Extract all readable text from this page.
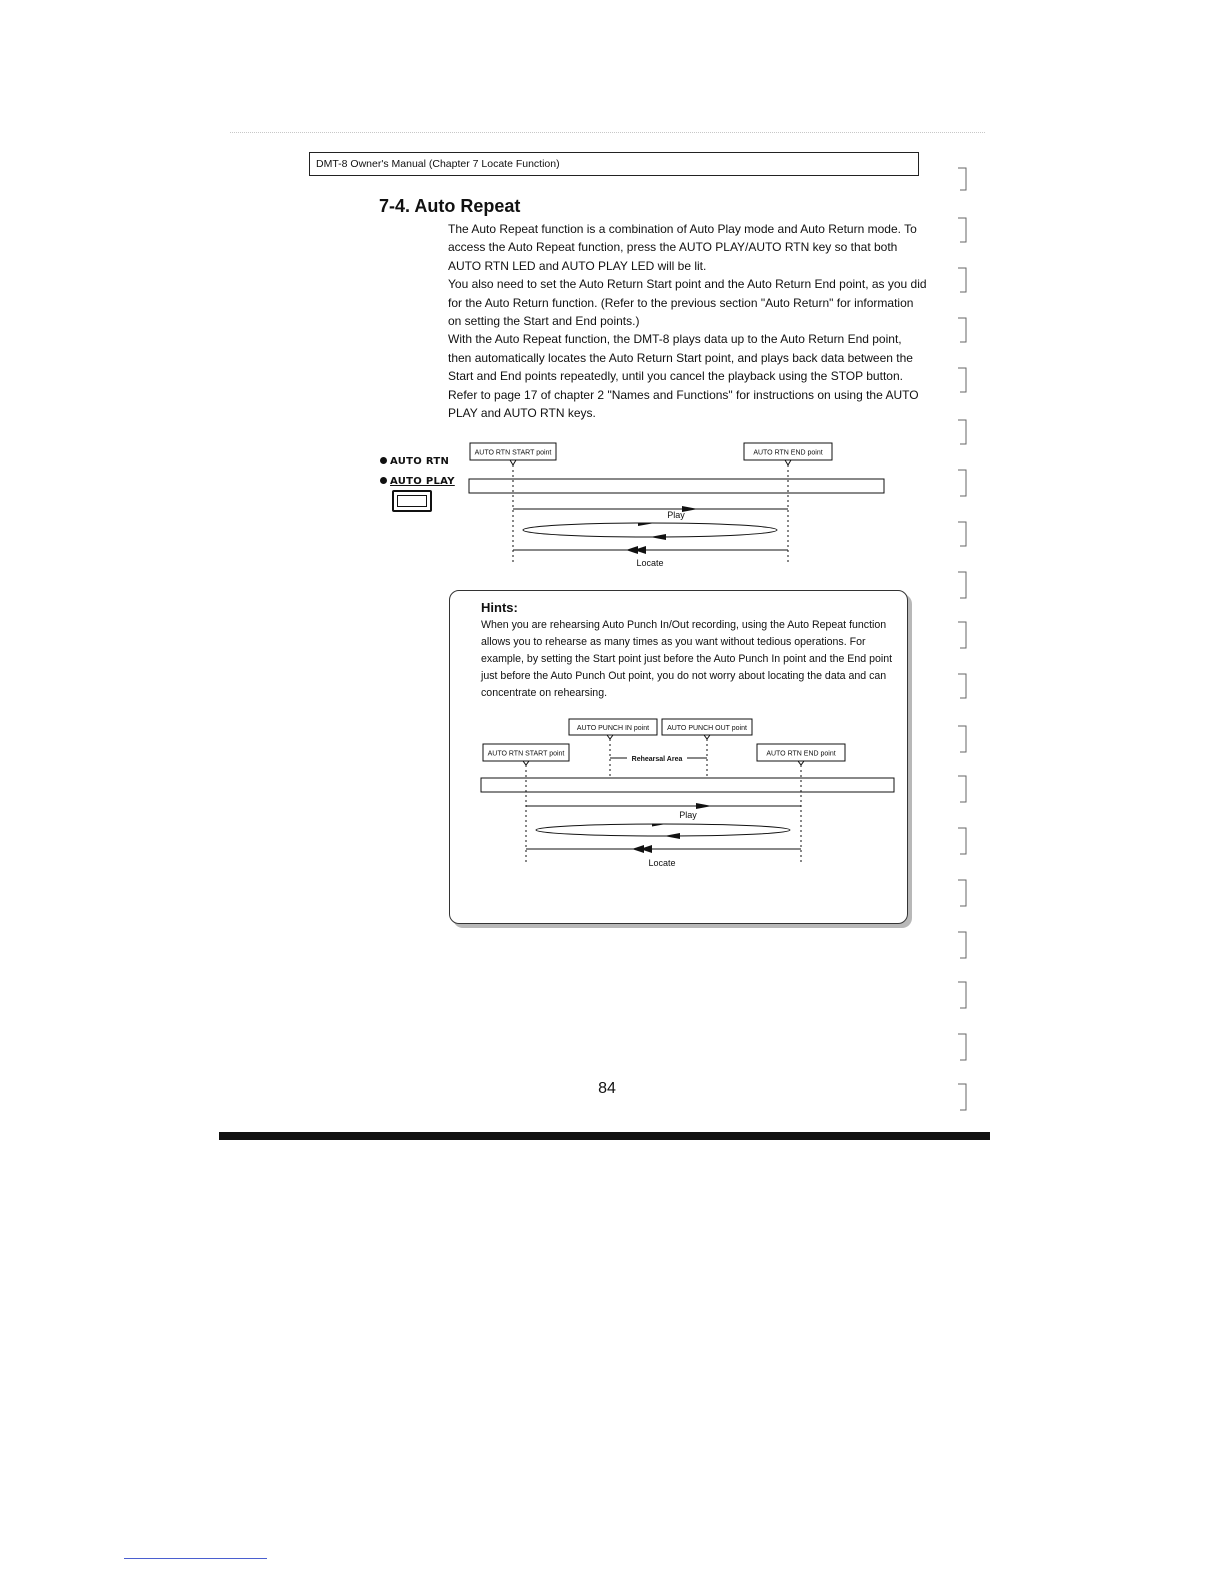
DMT-8 Owner's Manual (Chapter 7 Locate Function)
7-4. Auto Repeat

The Auto Repeat function is a combination of Auto Play mode and Auto Return mode. To access the Auto Repeat function, press the AUTO PLAY/AUTO RTN key so that both AUTO RTN LED and AUTO PLAY LED will be lit.

You also need to set the Auto Return Start point and the Auto Return End point, as you did for the Auto Return function. (Refer to the previous section "Auto Return" for information on setting the Start and End points.)

With the Auto Repeat function, the DMT-8 plays data up to the Auto Return End point, then automatically locates the Auto Return Start point, and plays back data between the Start and End points repeatedly, until you cancel the playback using the STOP button. Refer to page 17 of chapter 2 "Names and Functions" for instructions on using the AUTO PLAY and AUTO RTN keys.

AUTO RTN
AUTO PLAY
AUTO RTN START point	AUTO RTN END point
Play
Locate
Hints:
When you are rehearsing Auto Punch In/Out recording, using the Auto Repeat function allows you to rehearse as many times as you want without tedious operations. For example, by setting the Start point just before the Auto Punch In point and the End point just before the Auto Punch Out point, you do not worry about locating the data and can concentrate on rehearsing.
AUTO PUNCH IN point	AUTO PUNCH OUT point
AUTO RTN START point	AUTO RTN END point
Rehearsal Area
Play
Locate
84
